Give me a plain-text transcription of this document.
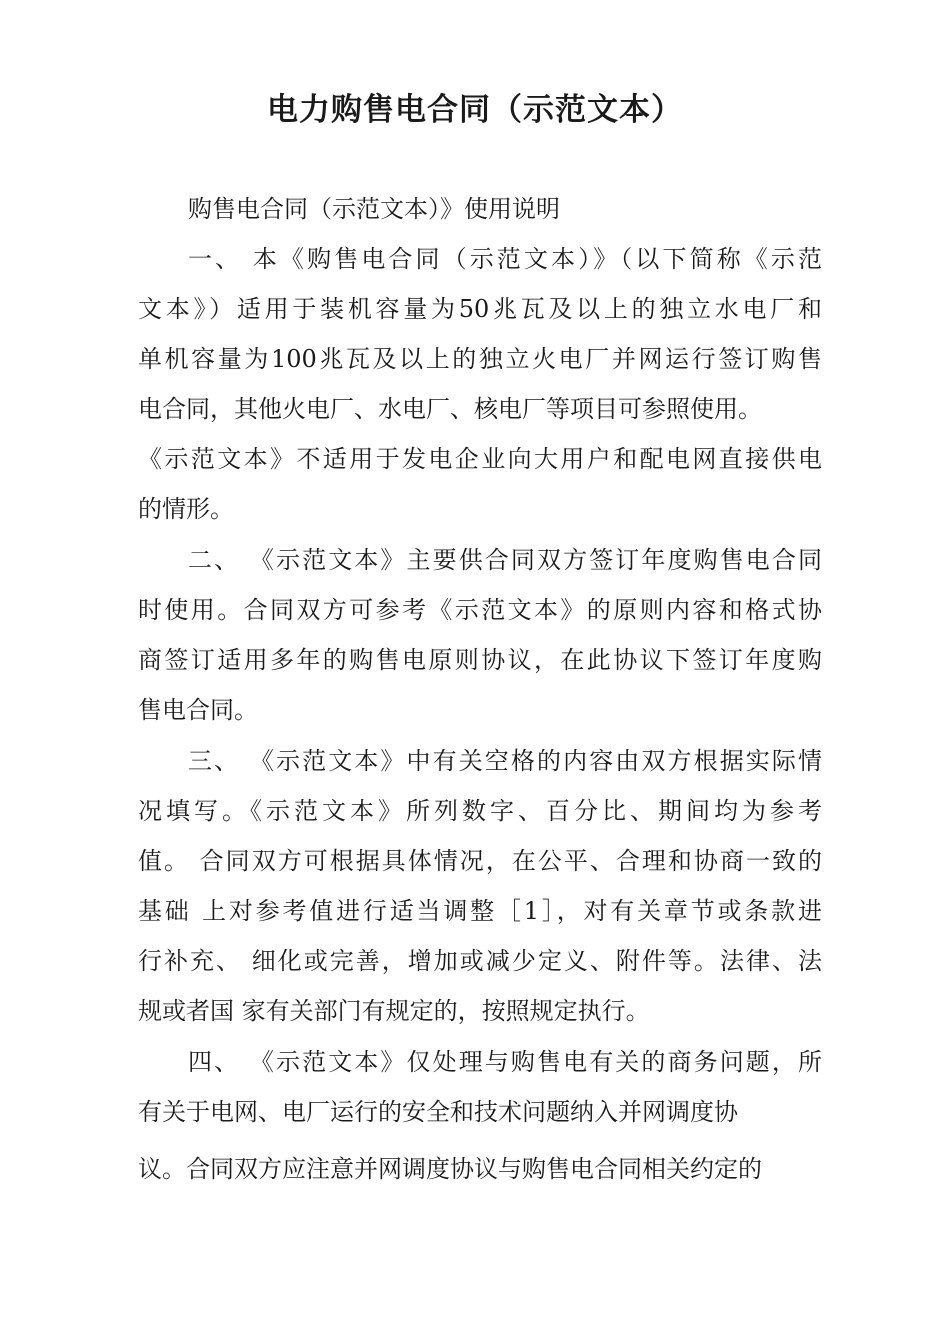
电力购售电合同（示范文本）

购售电合同（示范文本）》使用说明

一、 本《购售电合同（示范文本）》（以下简称《示范

文本》）适用于装机容量为50兆瓦及以上的独立水电厂和

单机容量为100兆瓦及以上的独立火电厂并网运行签订购售

电合同，其他火电厂、水电厂、核电厂等项目可参照使用。

《示范文本》不适用于发电企业向大用户和配电网直接供电

的情形。

二、 《示范文本》主要供合同双方签订年度购售电合同

时使用。合同双方可参考《示范文本》的原则内容和格式协

商签订适用多年的购售电原则协议，在此协议下签订年度购

售电合同。

三、 《示范文本》中有关空格的内容由双方根据实际情

况填写。《示范文本》所列数字、百分比、期间均为参考

值。 合同双方可根据具体情况，在公平、合理和协商一致的

基础 上对参考值进行适当调整［1］，对有关章节或条款进

行补充、 细化或完善，增加或减少定义、附件等。法律、法

规或者国 家有关部门有规定的，按照规定执行。

四、 《示范文本》仅处理与购售电有关的商务问题，所

有关于电网、电厂运行的安全和技术问题纳入并网调度协

议。合同双方应注意并网调度协议与购售电合同相关约定的
